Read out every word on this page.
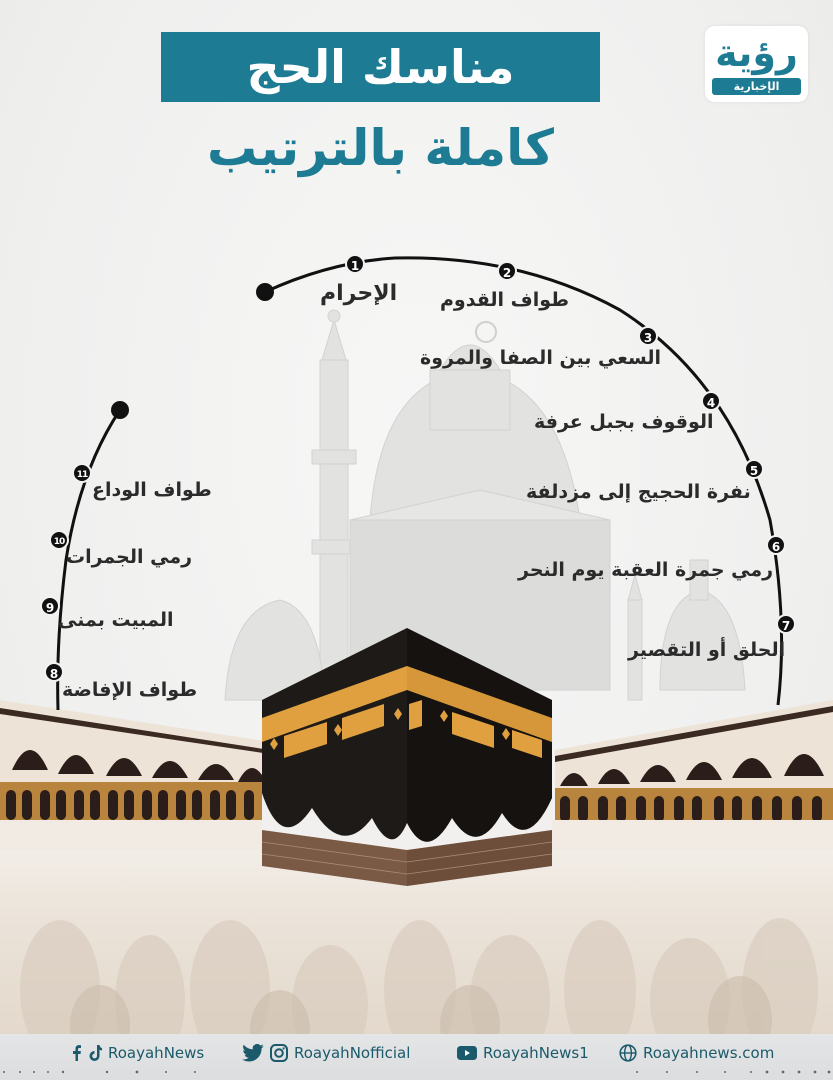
مناسك الحج
كاملة بالترتيب
رؤية
الإخبارية
1	2
3
4
5
6
7
8
9
10
11
الإحرام طواف القدوم
السعي بين الصفا والمروة
الوقوف بجبل عرفة
نفرة الحجيج إلى مزدلفة
رمي جمرة العقبة يوم النحر
الحلق أو التقصير
طواف الإفاضة
المبيت بمنى
رمي الجمرات
طواف الوداع
RoayahNews	RoayahNofficial	RoayahNews1	Roayahnews.com
